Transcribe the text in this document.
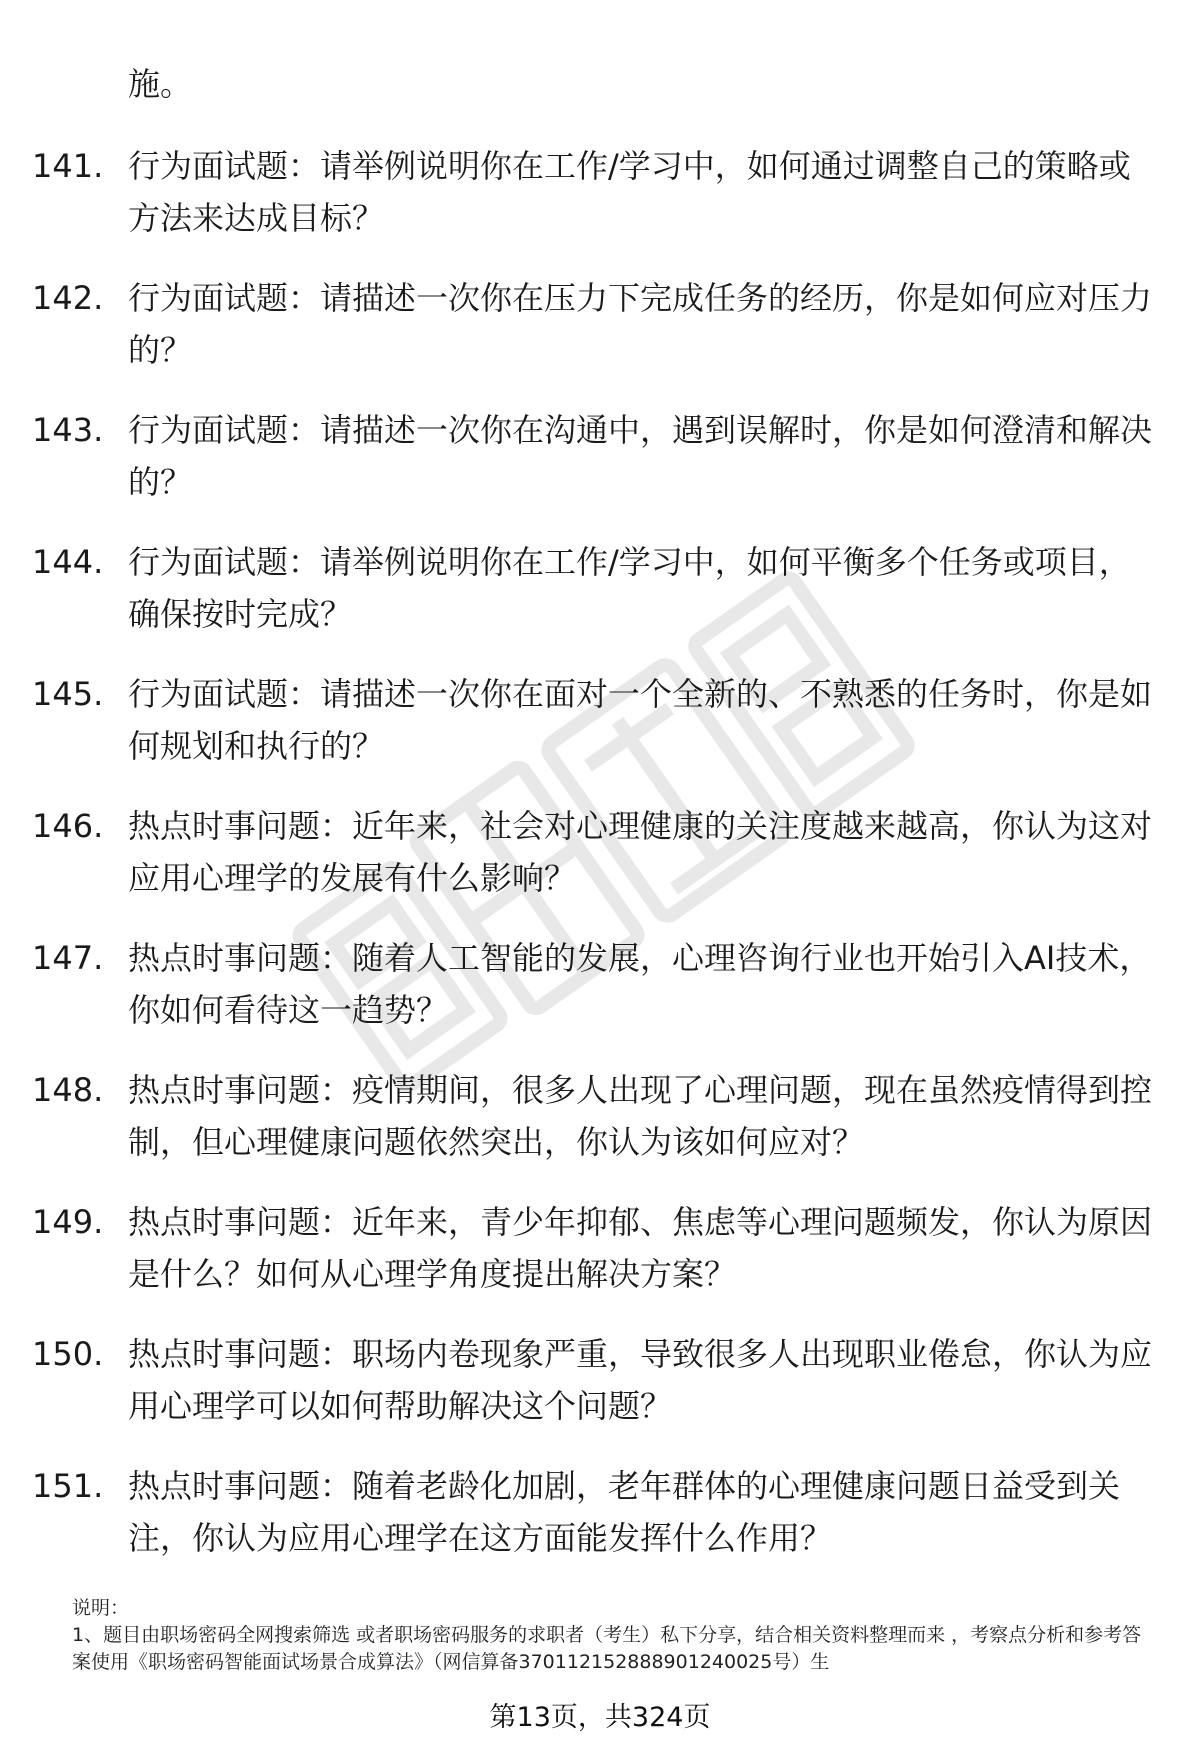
施。

141. 行为面试题：请举例说明你在工作/学习中，如何通过调整自己的策略或方法来达成目标？

142. 行为面试题：请描述一次你在压力下完成任务的经历，你是如何应对压力的？

143. 行为面试题：请描述一次你在沟通中，遇到误解时，你是如何澄清和解决的？

144. 行为面试题：请举例说明你在工作/学习中，如何平衡多个任务或项目，确保按时完成？

145. 行为面试题：请描述一次你在面对一个全新的、不熟悉的任务时，你是如何规划和执行的？

146. 热点时事问题：近年来，社会对心理健康的关注度越来越高，你认为这对应用心理学的发展有什么影响？

147. 热点时事问题：随着人工智能的发展，心理咨询行业也开始引入AI技术，你如何看待这一趋势？

148. 热点时事问题：疫情期间，很多人出现了心理问题，现在虽然疫情得到控制，但心理健康问题依然突出，你认为该如何应对？

149. 热点时事问题：近年来，青少年抑郁、焦虑等心理问题频发，你认为原因是什么？如何从心理学角度提出解决方案？

150. 热点时事问题：职场内卷现象严重，导致很多人出现职业倦怠，你认为应用心理学可以如何帮助解决这个问题？

151. 热点时事问题：随着老龄化加剧，老年群体的心理健康问题日益受到关注，你认为应用心理学在这方面能发挥什么作用？

说明：

1、题目由职场密码全网搜索筛选 或者职场密码服务的求职者（考生）私下分享，结合相关资料整理而来 ，考察点分析和参考答案使用《职场密码智能面试场景合成算法》（网信算备370112152888901240025号）生

第13页，共324页
